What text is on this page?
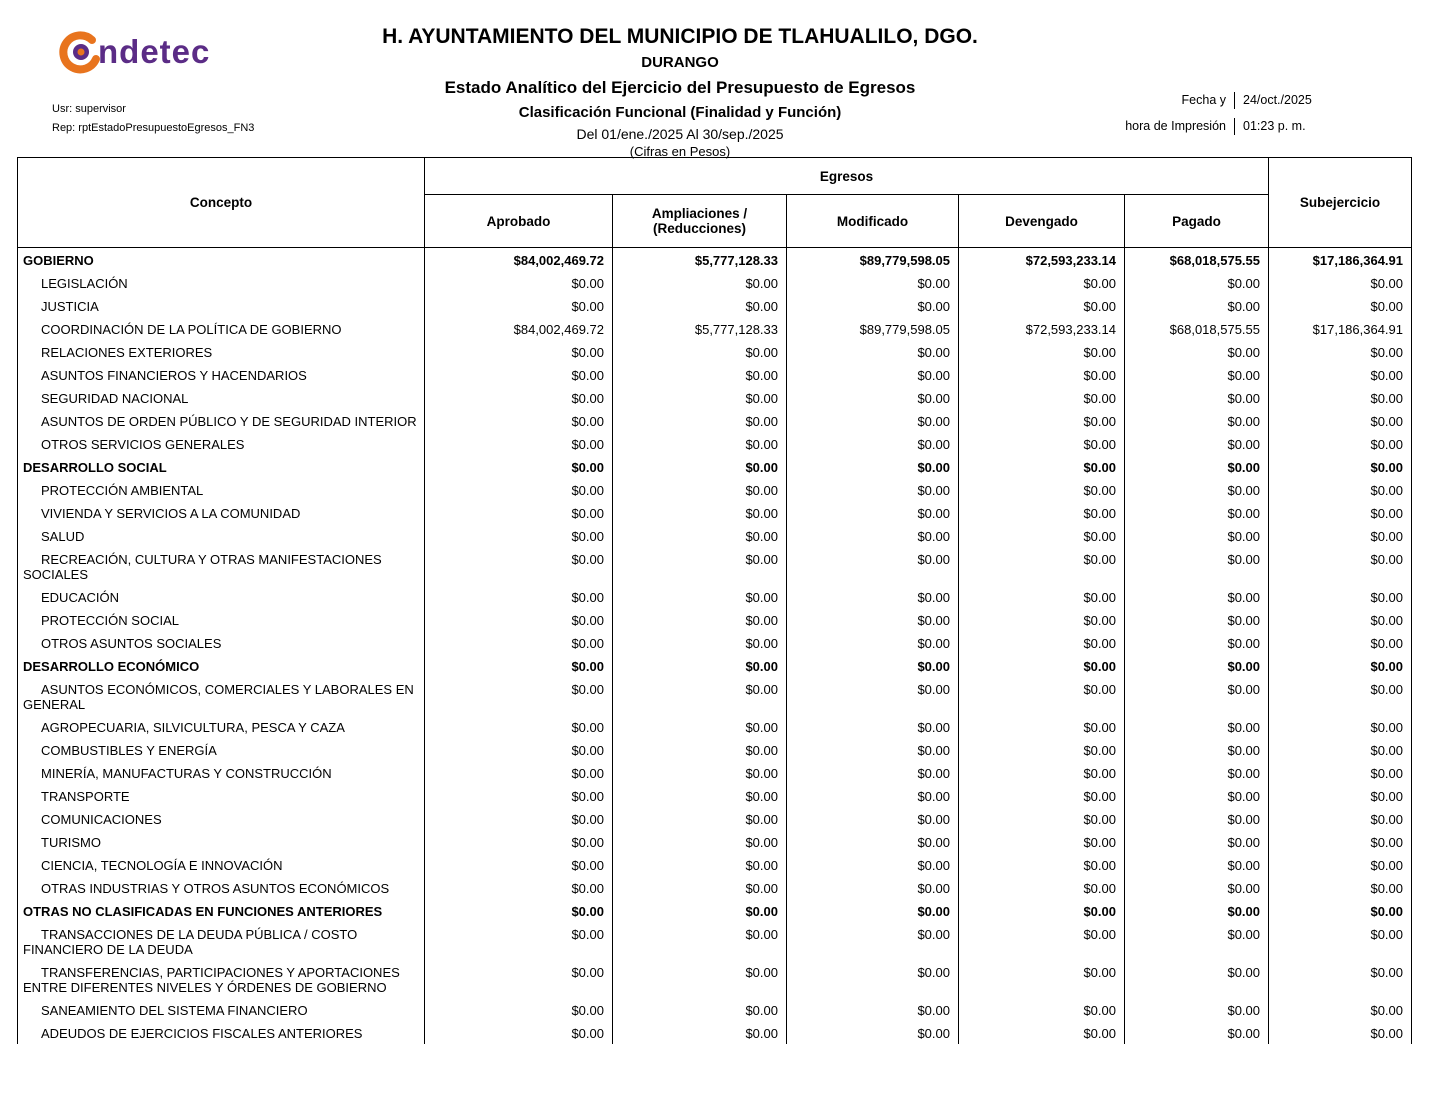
ndetec
Usr: supervisor
Rep: rptEstadoPresupuestoEgresos_FN3
H. AYUNTAMIENTO DEL MUNICIPIO DE TLAHUALILO, DGO.
DURANGO
Estado Analítico del Ejercicio del Presupuesto de Egresos
Clasificación Funcional (Finalidad y Función)
Del 01/ene./2025 Al 30/sep./2025
(Cifras en Pesos)
Fecha y	24/oct./2025
hora de Impresión	01:23 p. m.
Concepto	Egresos					Subejercicio
	Aprobado	Ampliaciones / (Reducciones)	Modificado	Devengado	Pagado	
GOBIERNO	$84,002,469.72	$5,777,128.33	$89,779,598.05	$72,593,233.14	$68,018,575.55	$17,186,364.91
LEGISLACIÓN	$0.00	$0.00	$0.00	$0.00	$0.00	$0.00
JUSTICIA	$0.00	$0.00	$0.00	$0.00	$0.00	$0.00
COORDINACIÓN DE LA POLÍTICA DE GOBIERNO	$84,002,469.72	$5,777,128.33	$89,779,598.05	$72,593,233.14	$68,018,575.55	$17,186,364.91
RELACIONES EXTERIORES	$0.00	$0.00	$0.00	$0.00	$0.00	$0.00
ASUNTOS FINANCIEROS Y HACENDARIOS	$0.00	$0.00	$0.00	$0.00	$0.00	$0.00
SEGURIDAD NACIONAL	$0.00	$0.00	$0.00	$0.00	$0.00	$0.00
ASUNTOS DE ORDEN PÚBLICO Y DE SEGURIDAD INTERIOR	$0.00	$0.00	$0.00	$0.00	$0.00	$0.00
OTROS SERVICIOS GENERALES	$0.00	$0.00	$0.00	$0.00	$0.00	$0.00
DESARROLLO SOCIAL	$0.00	$0.00	$0.00	$0.00	$0.00	$0.00
PROTECCIÓN AMBIENTAL	$0.00	$0.00	$0.00	$0.00	$0.00	$0.00
VIVIENDA Y SERVICIOS A LA COMUNIDAD	$0.00	$0.00	$0.00	$0.00	$0.00	$0.00
SALUD	$0.00	$0.00	$0.00	$0.00	$0.00	$0.00
RECREACIÓN, CULTURA Y OTRAS MANIFESTACIONES SOCIALES	$0.00	$0.00	$0.00	$0.00	$0.00	$0.00
EDUCACIÓN	$0.00	$0.00	$0.00	$0.00	$0.00	$0.00
PROTECCIÓN SOCIAL	$0.00	$0.00	$0.00	$0.00	$0.00	$0.00
OTROS ASUNTOS SOCIALES	$0.00	$0.00	$0.00	$0.00	$0.00	$0.00
DESARROLLO ECONÓMICO	$0.00	$0.00	$0.00	$0.00	$0.00	$0.00
ASUNTOS ECONÓMICOS, COMERCIALES Y LABORALES EN GENERAL	$0.00	$0.00	$0.00	$0.00	$0.00	$0.00
AGROPECUARIA, SILVICULTURA, PESCA Y CAZA	$0.00	$0.00	$0.00	$0.00	$0.00	$0.00
COMBUSTIBLES Y ENERGÍA	$0.00	$0.00	$0.00	$0.00	$0.00	$0.00
MINERÍA, MANUFACTURAS Y CONSTRUCCIÓN	$0.00	$0.00	$0.00	$0.00	$0.00	$0.00
TRANSPORTE	$0.00	$0.00	$0.00	$0.00	$0.00	$0.00
COMUNICACIONES	$0.00	$0.00	$0.00	$0.00	$0.00	$0.00
TURISMO	$0.00	$0.00	$0.00	$0.00	$0.00	$0.00
CIENCIA, TECNOLOGÍA E INNOVACIÓN	$0.00	$0.00	$0.00	$0.00	$0.00	$0.00
OTRAS INDUSTRIAS Y OTROS ASUNTOS ECONÓMICOS	$0.00	$0.00	$0.00	$0.00	$0.00	$0.00
OTRAS NO CLASIFICADAS EN FUNCIONES ANTERIORES	$0.00	$0.00	$0.00	$0.00	$0.00	$0.00
TRANSACCIONES DE LA DEUDA PÚBLICA / COSTO FINANCIERO DE LA DEUDA	$0.00	$0.00	$0.00	$0.00	$0.00	$0.00
TRANSFERENCIAS, PARTICIPACIONES Y APORTACIONES ENTRE DIFERENTES NIVELES Y ÓRDENES DE GOBIERNO	$0.00	$0.00	$0.00	$0.00	$0.00	$0.00
SANEAMIENTO DEL SISTEMA FINANCIERO	$0.00	$0.00	$0.00	$0.00	$0.00	$0.00
ADEUDOS DE EJERCICIOS FISCALES ANTERIORES	$0.00	$0.00	$0.00	$0.00	$0.00	$0.00
